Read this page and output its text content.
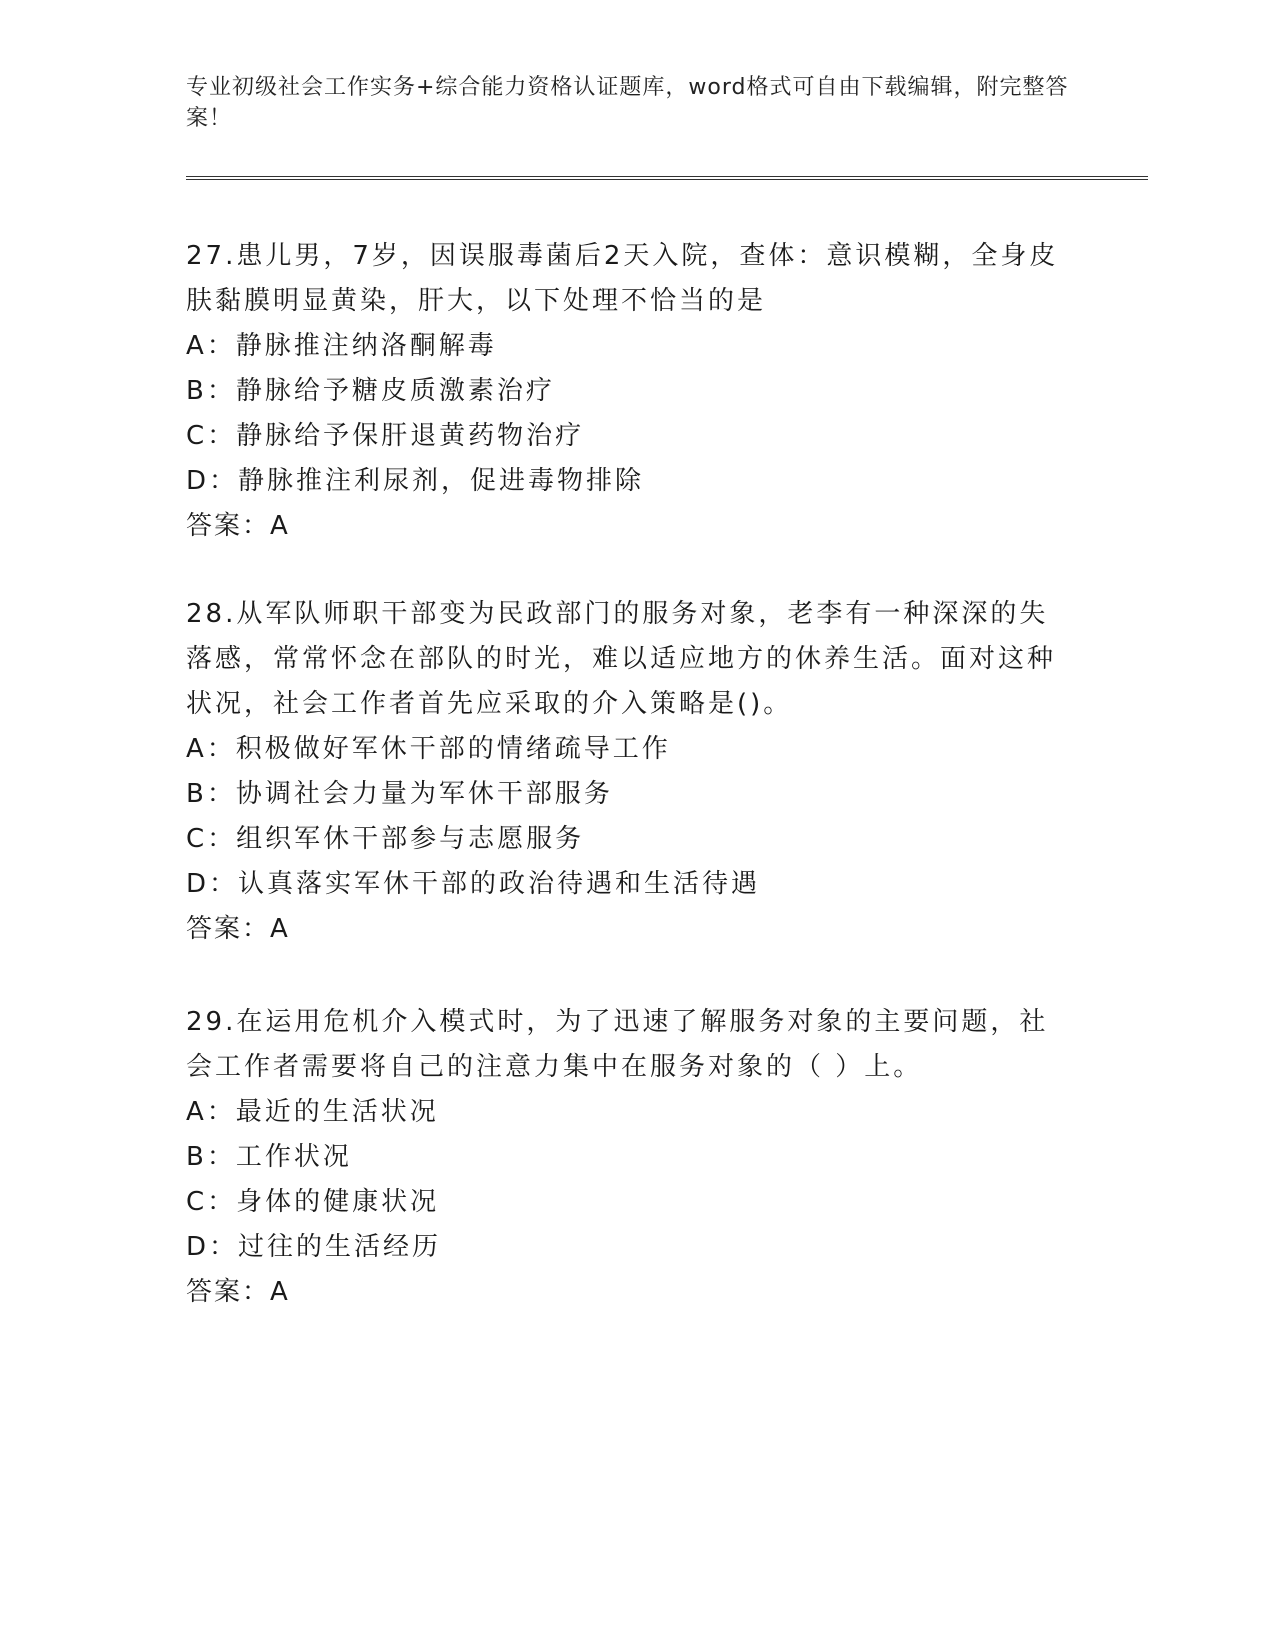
专业初级社会工作实务+综合能力资格认证题库，word格式可自由下载编辑，附完整答案！

27.患儿男，7岁，因误服毒菌后2天入院，查体：意识模糊，全身皮肤黏膜明显黄染，肝大，以下处理不恰当的是

A：静脉推注纳洛酮解毒

B：静脉给予糖皮质激素治疗

C：静脉给予保肝退黄药物治疗

D：静脉推注利尿剂，促进毒物排除

答案：A

28.从军队师职干部变为民政部门的服务对象，老李有一种深深的失落感，常常怀念在部队的时光，难以适应地方的休养生活。面对这种状况，社会工作者首先应采取的介入策略是()。

A：积极做好军休干部的情绪疏导工作

B：协调社会力量为军休干部服务

C：组织军休干部参与志愿服务

D：认真落实军休干部的政治待遇和生活待遇

答案：A

29.在运用危机介入模式时，为了迅速了解服务对象的主要问题，社会工作者需要将自己的注意力集中在服务对象的（ ）上。

A：最近的生活状况

B：工作状况

C：身体的健康状况

D：过往的生活经历

答案：A
